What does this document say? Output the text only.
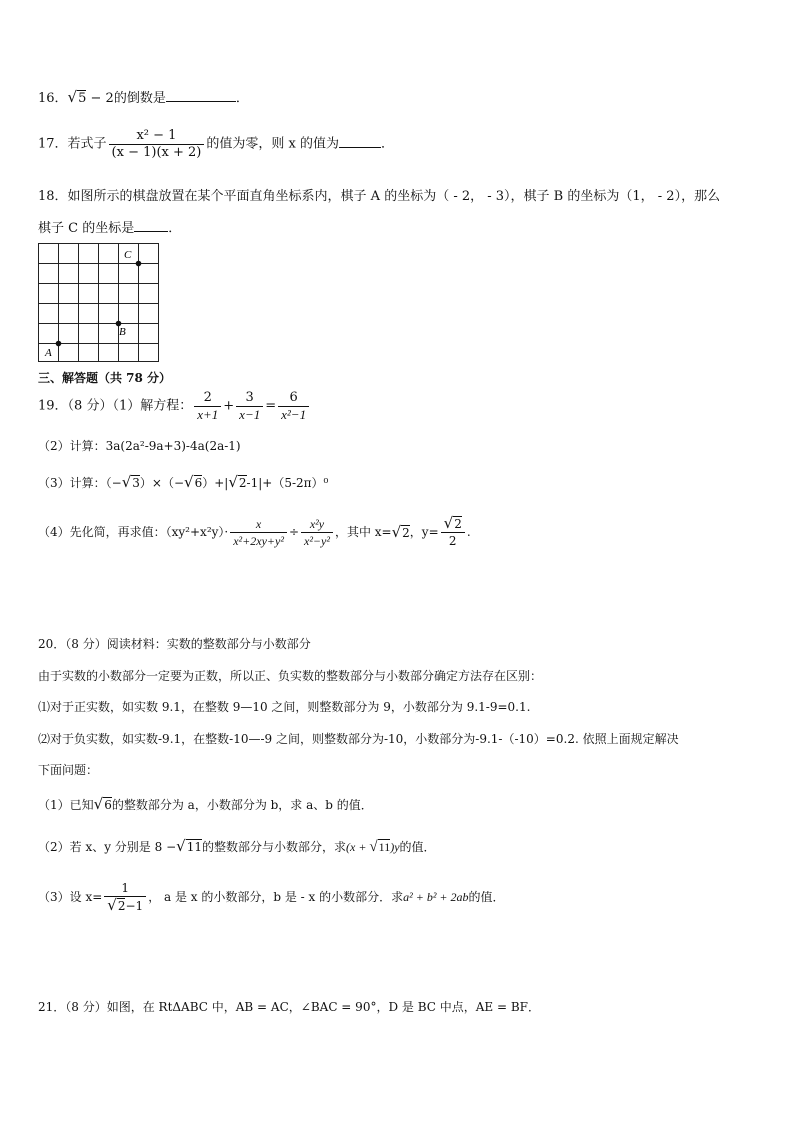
16．√5 − 2的倒数是	．
17．若式子 $\frac{\text{x² − 1}}{(x - 1)(x + 2)}$ 的值为零，则 x 的值为	．
18．如图所示的棋盘放置在某个平面直角坐标系内，棋子 A 的坐标为（ - 2， - 3），棋子 B 的坐标为（1， - 2），那么
棋子 C 的坐标是	．
A
B
C
三、解答题（共 78 分）
19．（8 分）（1）解方程： $\frac{2}{x+1} + \frac{3}{x-1} = \frac{6}{\text{x²−1}}$
（2）计算：3a(2a²-9a+3)-4a(2a-1)
（3）计算：（−√3）×（−√6）+|√2-1|+（5-2π）⁰
（4）先化简，再求值：$(xy^2+x^2y)\cdot \frac{x}{\text{x²+2xy+y²}} \div \frac{\text{x²y}}{\text{x²−y²}}$ ，其中 x=√2，$y= \frac{√2}{2}$ .
20．（8 分）阅读材料：实数的整数部分与小数部分
由于实数的小数部分一定要为正数，所以正、负实数的整数部分与小数部分确定方法存在区别：
⑴对于正实数，如实数 9.1，在整数 9—10 之间，则整数部分为 9，小数部分为 9.1-9=0.1.
⑵对于负实数，如实数-9.1，在整数-10—-9 之间，则整数部分为-10，小数部分为-9.1-（-10）=0.2. 依照上面规定解决
下面问题：
（1）已知√6的整数部分为 a，小数部分为 b，求 a、b 的值．
（2）若 x、y 分别是 8 −√11的整数部分与小数部分，求(x + √11)y的值．
（3）设 $x= \frac{1}{√2-1}$ ， a 是 x 的小数部分，b 是 - x 的小数部分．求a² + b² + 2ab的值．
21．（8 分）如图，在 RtΔABC 中，AB = AC，∠BAC = 90°，D 是 BC 中点，AE = BF．
